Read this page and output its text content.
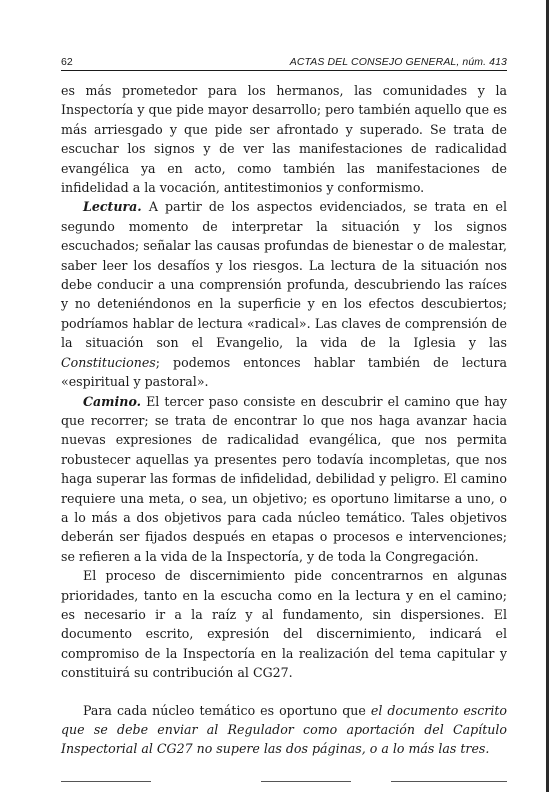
62	ACTAS DEL CONSEJO GENERAL, núm. 413

es más prometedor para los hermanos, las comunidades y la Inspectoría y que pide mayor desarrollo; pero también aquello que es más arriesgado y que pide ser afrontado y superado. Se trata de escuchar los signos y de ver las manifestaciones de radicalidad evangélica ya en acto, como también las manifestaciones de infidelidad a la vocación, antitestimonios y conformismo.

Lectura. A partir de los aspectos evidenciados, se trata en el segundo momento de interpretar la situación y los signos escuchados; señalar las causas profundas de bienestar o de malestar, saber leer los desafíos y los riesgos. La lectura de la situación nos debe conducir a una comprensión profunda, descubriendo las raíces y no deteniéndonos en la superficie y en los efectos descubiertos; podríamos hablar de lectura «radical». Las claves de comprensión de la situación son el Evangelio, la vida de la Iglesia y las Constituciones; podemos entonces hablar también de lectura «espiritual y pastoral».

Camino. El tercer paso consiste en descubrir el camino que hay que recorrer; se trata de encontrar lo que nos haga avanzar hacia nuevas expresiones de radicalidad evangélica, que nos permita robustecer aquellas ya presentes pero todavía incompletas, que nos haga superar las formas de infidelidad, debilidad y peligro. El camino requiere una meta, o sea, un objetivo; es oportuno limitarse a uno, o a lo más a dos objetivos para cada núcleo temático. Tales objetivos deberán ser fijados después en etapas o procesos e intervenciones; se refieren a la vida de la Inspectoría, y de toda la Congregación.

El proceso de discernimiento pide concentrarnos en algunas prioridades, tanto en la escucha como en la lectura y en el camino; es necesario ir a la raíz y al fundamento, sin dispersiones. El documento escrito, expresión del discernimiento, indicará el compromiso de la Inspectoría en la realización del tema capitular y constituirá su contribución al CG27.

Para cada núcleo temático es oportuno que el documento escrito que se debe enviar al Regulador como aportación del Capítulo Inspectorial al CG27 no supere las dos páginas, o a lo más las tres.
